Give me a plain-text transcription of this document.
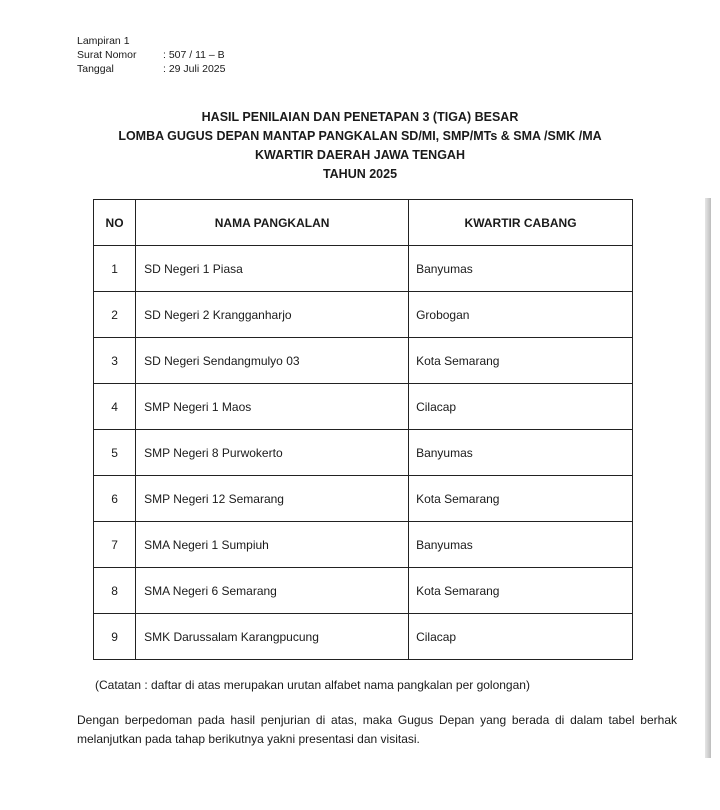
Lampiran 1
Surat Nomor	: 507 / 11 – B
Tanggal	: 29 Juli 2025
HASIL PENILAIAN DAN PENETAPAN 3 (TIGA) BESAR
LOMBA GUGUS DEPAN MANTAP PANGKALAN SD/MI, SMP/MTs & SMA /SMK /MA
KWARTIR DAERAH JAWA TENGAH
TAHUN 2025
NO	NAMA PANGKALAN	KWARTIR CABANG
1	SD Negeri 1 Piasa	Banyumas
2	SD Negeri 2 Krangganharjo	Grobogan
3	SD Negeri Sendangmulyo 03	Kota Semarang
4	SMP Negeri 1 Maos	Cilacap
5	SMP Negeri 8 Purwokerto	Banyumas
6	SMP Negeri 12 Semarang	Kota Semarang
7	SMA Negeri 1 Sumpiuh	Banyumas
8	SMA Negeri 6 Semarang	Kota Semarang
9	SMK Darussalam Karangpucung	Cilacap
(Catatan : daftar di atas merupakan urutan alfabet nama pangkalan per golongan)
Dengan berpedoman pada hasil penjurian di atas, maka Gugus Depan yang berada di dalam tabel berhak melanjutkan pada tahap berikutnya yakni presentasi dan visitasi.
